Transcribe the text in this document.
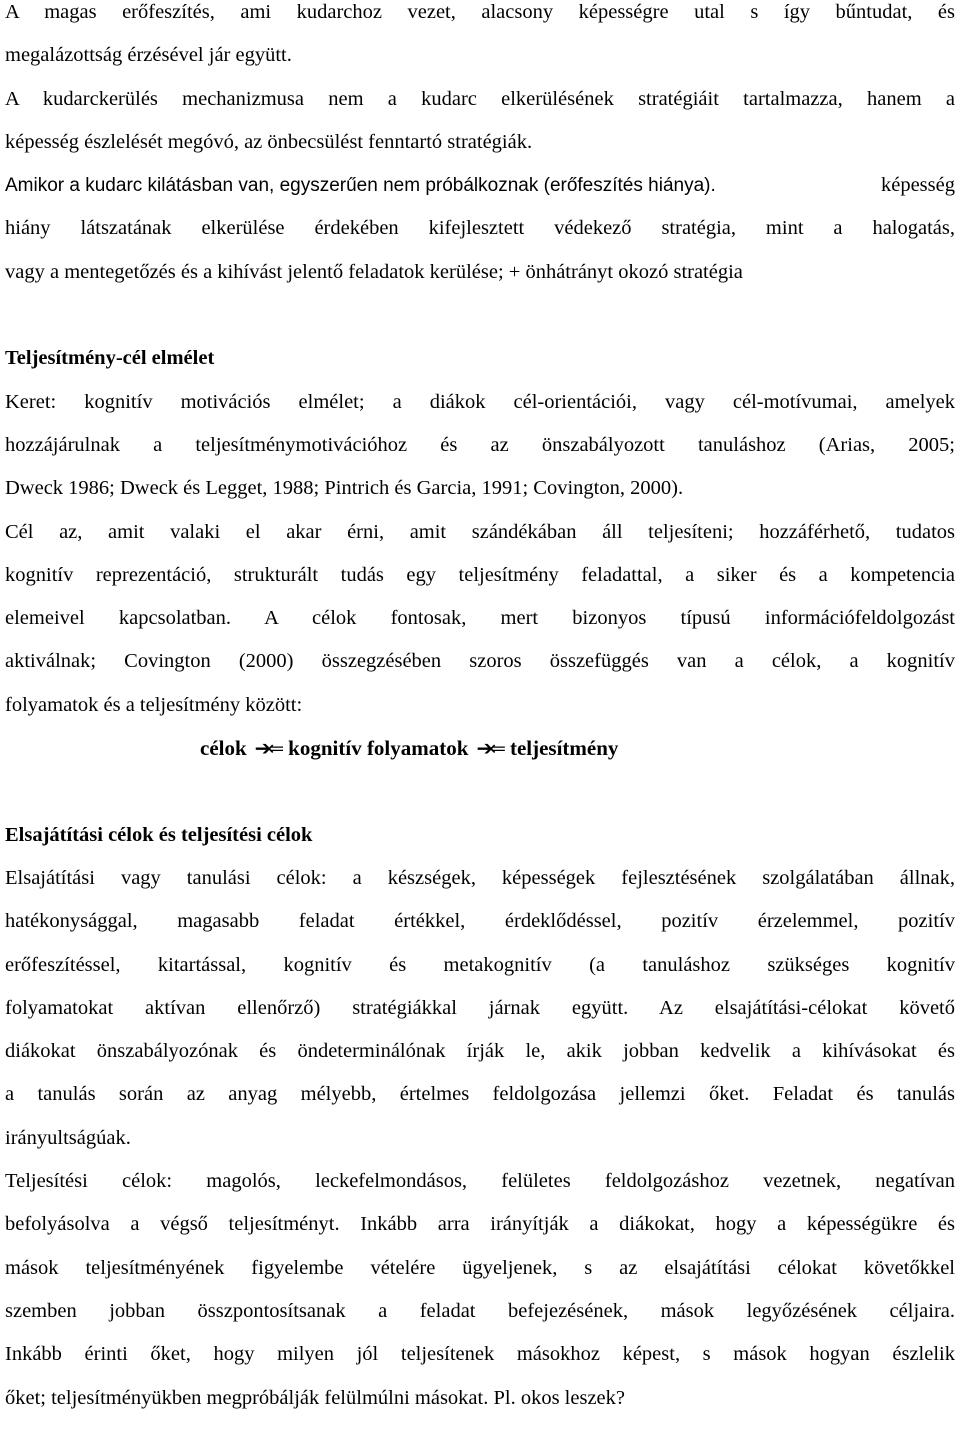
A magas erőfeszítés, ami kudarchoz vezet, alacsony képességre utal s így bűntudat, és
megalázottság érzésével jár együtt.
A kudarckerülés mechanizmusa nem a kudarc elkerülésének stratégiáit tartalmazza, hanem a
képesség észlelését megóvó, az önbecsülést fenntartó stratégiák.
Amikor a kudarc kilátásban van, egyszerűen nem próbálkoznak (erőfeszítés hiánya).	képesség
hiány látszatának elkerülése érdekében kifejlesztett védekező stratégia, mint a halogatás,
vagy a mentegetőzés és a kihívást jelentő feladatok kerülése; + önhátrányt okozó stratégia
Teljesítmény-cél elmélet
Keret: kognitív motivációs elmélet; a diákok cél-orientációi, vagy cél-motívumai, amelyek
hozzájárulnak a teljesítménymotivációhoz és az önszabályozott tanuláshoz (Arias, 2005;
Dweck 1986; Dweck és Legget, 1988; Pintrich és Garcia, 1991; Covington, 2000).
Cél az, amit valaki el akar érni, amit szándékában áll teljesíteni; hozzáférhető, tudatos
kognitív reprezentáció, strukturált tudás egy teljesítmény feladattal, a siker és a kompetencia
elemeivel kapcsolatban. A célok fontosak, mert bizonyos típusú információfeldolgozást
aktiválnak; Covington (2000) összegzésében szoros összefüggés van a célok, a kognitív
folyamatok és a teljesítmény között:
célok ➔⇐ kognitív folyamatok ➔⇐ teljesítmény
Elsajátítási célok és teljesítési célok
Elsajátítási vagy tanulási célok: a készségek, képességek fejlesztésének szolgálatában állnak,
hatékonysággal, magasabb feladat értékkel, érdeklődéssel, pozitív érzelemmel, pozitív
erőfeszítéssel, kitartással, kognitív és metakognitív (a tanuláshoz szükséges kognitív
folyamatokat aktívan ellenőrző) stratégiákkal járnak együtt. Az elsajátítási-célokat követő
diákokat önszabályozónak és öndeterminálónak írják le, akik jobban kedvelik a kihívásokat és
a tanulás során az anyag mélyebb, értelmes feldolgozása jellemzi őket. Feladat és tanulás
irányultságúak.
Teljesítési célok: magolós, leckefelmondásos, felületes feldolgozáshoz vezetnek, negatívan
befolyásolva a végső teljesítményt. Inkább arra irányítják a diákokat, hogy a képességükre és
mások teljesítményének figyelembe vételére ügyeljenek, s az elsajátítási célokat követőkkel
szemben jobban összpontosítsanak a feladat befejezésének, mások legyőzésének céljaira.
Inkább érinti őket, hogy milyen jól teljesítenek másokhoz képest, s mások hogyan észlelik
őket; teljesítményükben megpróbálják felülmúlni másokat. Pl. okos leszek?
